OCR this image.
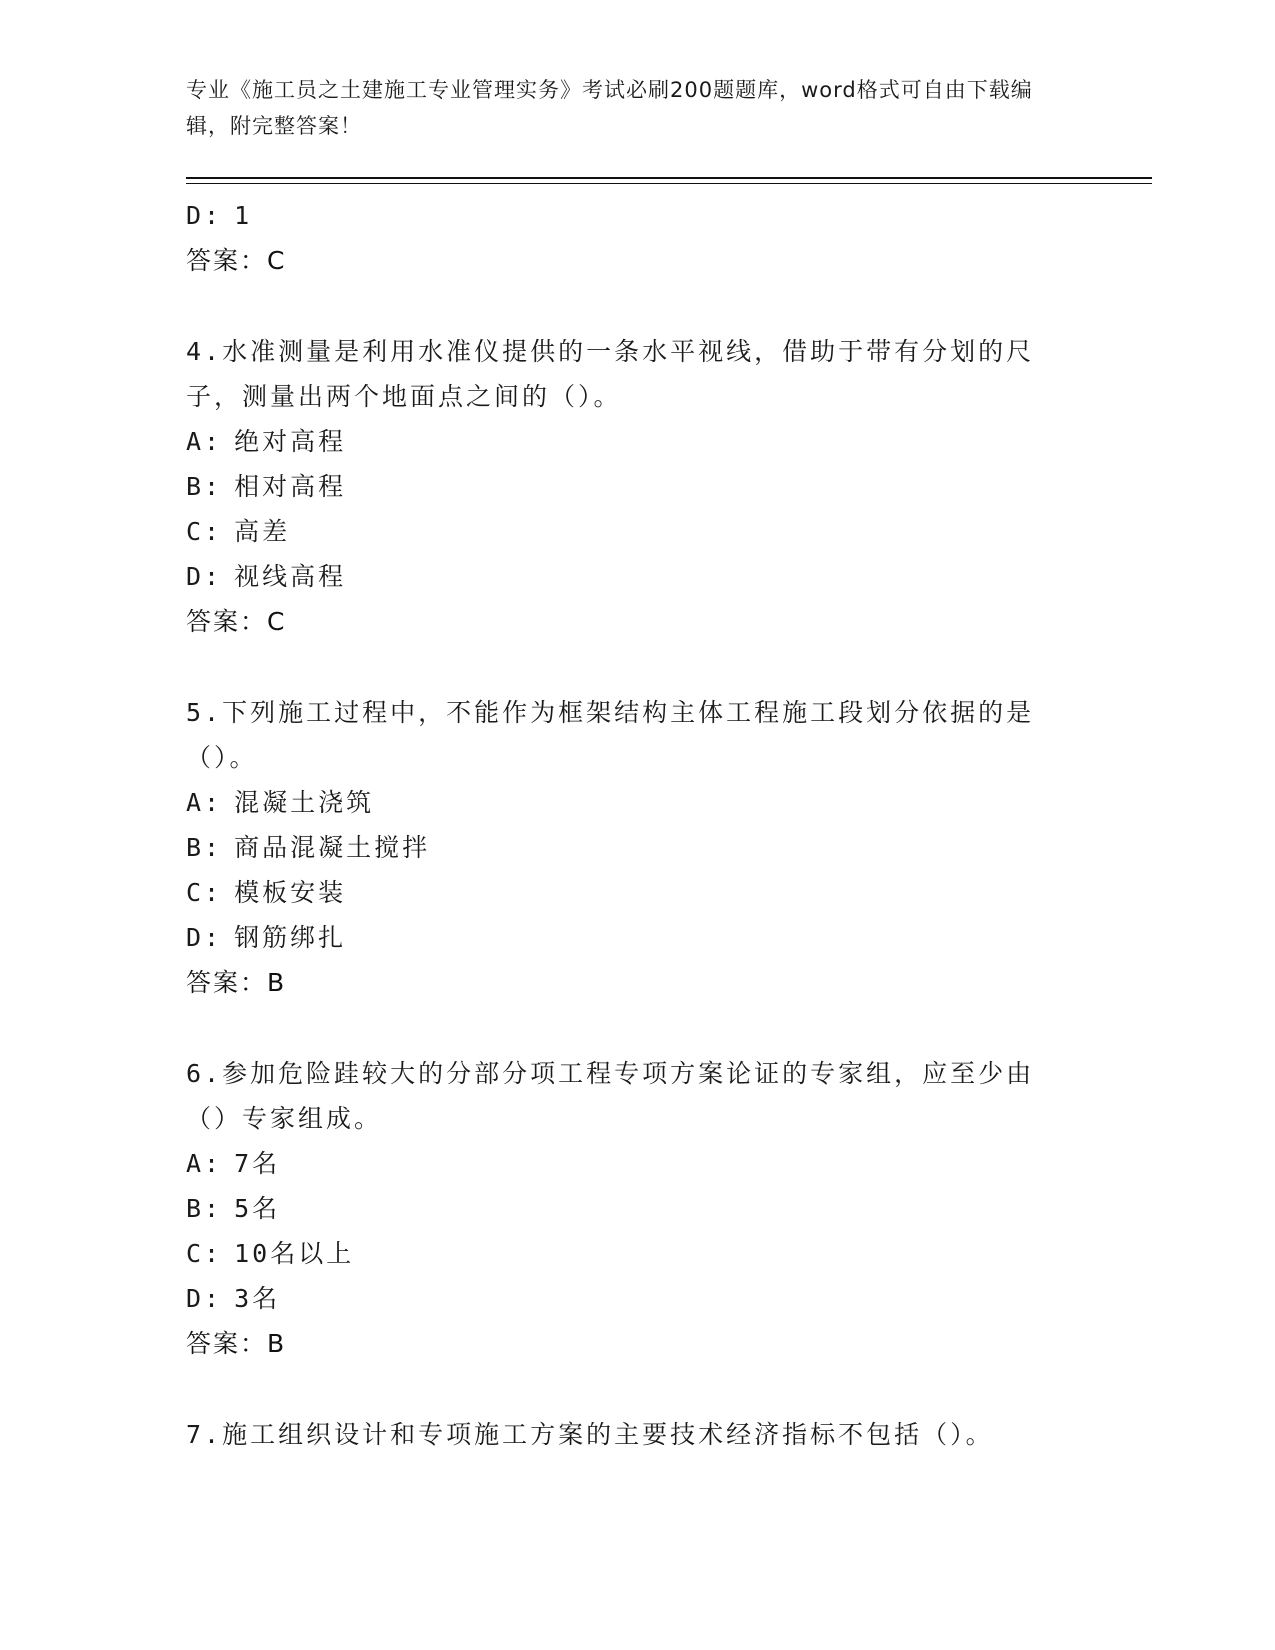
专业《施工员之土建施工专业管理实务》考试必刷200题题库，word格式可自由下载编辑，附完整答案！
D: 1
答案：C
4.水准测量是利用水准仪提供的一条水平视线，借助于带有分划的尺子，测量出两个地面点之间的（）。
A: 绝对高程
B: 相对高程
C: 高差
D: 视线高程
答案：C
5.下列施工过程中，不能作为框架结构主体工程施工段划分依据的是（）。
A: 混凝土浇筑
B: 商品混凝土搅拌
C: 模板安装
D: 钢筋绑扎
答案：B
6.参加危险跬较大的分部分项工程专项方案论证的专家组，应至少由（）专家组成。
A: 7名
B: 5名
C: 10名以上
D: 3名
答案：B
7.施工组织设计和专项施工方案的主要技术经济指标不包括（）。
